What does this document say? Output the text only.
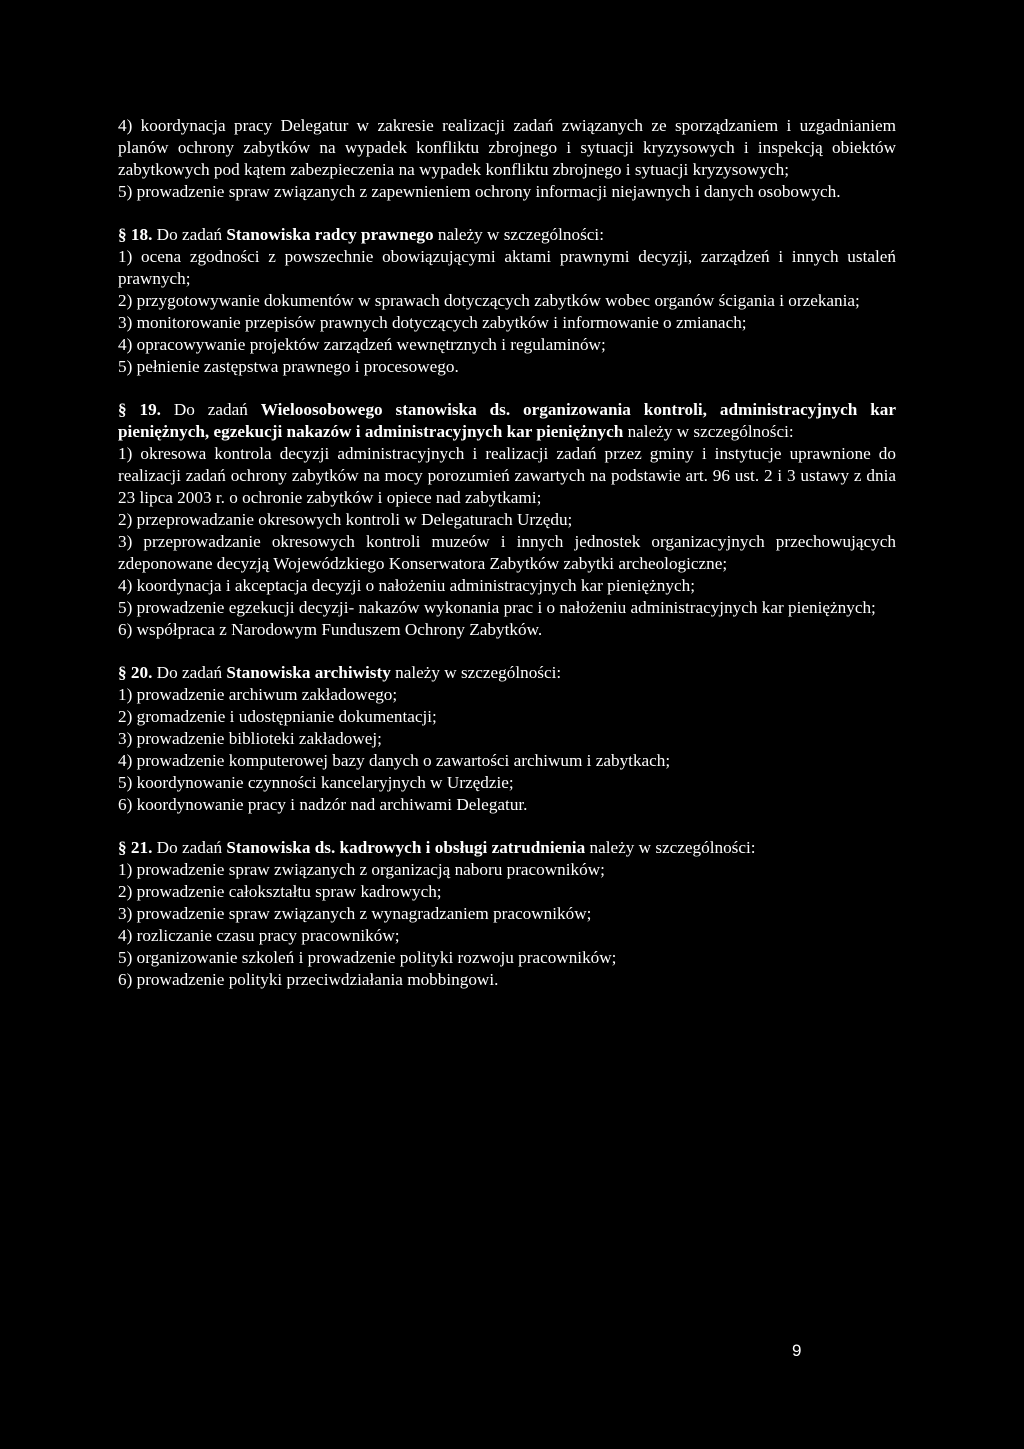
4) koordynacja pracy Delegatur w zakresie realizacji zadań związanych ze sporządzaniem i uzgadnianiem planów ochrony zabytków na wypadek konfliktu zbrojnego i sytuacji kryzysowych i inspekcją obiektów zabytkowych pod kątem zabezpieczenia na wypadek konfliktu zbrojnego i sytuacji kryzysowych;

5) prowadzenie spraw związanych z zapewnieniem ochrony informacji niejawnych i danych osobowych.

§ 18. Do zadań Stanowiska radcy prawnego należy w szczególności:

1) ocena zgodności z powszechnie obowiązującymi aktami prawnymi decyzji, zarządzeń i innych ustaleń prawnych;

2) przygotowywanie dokumentów w sprawach dotyczących zabytków wobec organów ścigania i orzekania;

3) monitorowanie przepisów prawnych dotyczących zabytków i informowanie o zmianach;

4) opracowywanie projektów zarządzeń wewnętrznych i regulaminów;

5) pełnienie zastępstwa prawnego i procesowego.

§ 19. Do zadań Wieloosobowego stanowiska ds. organizowania kontroli, administracyjnych kar pieniężnych, egzekucji nakazów i administracyjnych kar pieniężnych należy w szczególności:

1) okresowa kontrola decyzji administracyjnych i realizacji zadań przez gminy i instytucje uprawnione do realizacji zadań ochrony zabytków na mocy porozumień zawartych na podstawie art. 96 ust. 2 i 3 ustawy z dnia 23 lipca 2003 r. o ochronie zabytków i opiece nad zabytkami;

2) przeprowadzanie okresowych kontroli w Delegaturach Urzędu;

3) przeprowadzanie okresowych kontroli muzeów i innych jednostek organizacyjnych przechowujących zdeponowane decyzją Wojewódzkiego Konserwatora Zabytków zabytki archeologiczne;

4) koordynacja i akceptacja decyzji o nałożeniu administracyjnych kar pieniężnych;

5) prowadzenie egzekucji decyzji- nakazów wykonania prac i o nałożeniu administracyjnych kar pieniężnych;

6) współpraca z Narodowym Funduszem Ochrony Zabytków.

§ 20. Do zadań Stanowiska archiwisty należy w szczególności:

1) prowadzenie archiwum zakładowego;

2) gromadzenie i udostępnianie dokumentacji;

3) prowadzenie biblioteki zakładowej;

4) prowadzenie komputerowej bazy danych o zawartości archiwum i zabytkach;

5) koordynowanie czynności kancelaryjnych w Urzędzie;

6) koordynowanie pracy i nadzór nad archiwami Delegatur.

§ 21. Do zadań Stanowiska ds. kadrowych i obsługi zatrudnienia należy w szczególności:

1) prowadzenie spraw związanych z organizacją naboru pracowników;

2) prowadzenie całokształtu spraw kadrowych;

3) prowadzenie spraw związanych z wynagradzaniem pracowników;

4) rozliczanie czasu pracy pracowników;

5) organizowanie szkoleń i prowadzenie polityki rozwoju pracowników;

6) prowadzenie polityki przeciwdziałania mobbingowi.

9
